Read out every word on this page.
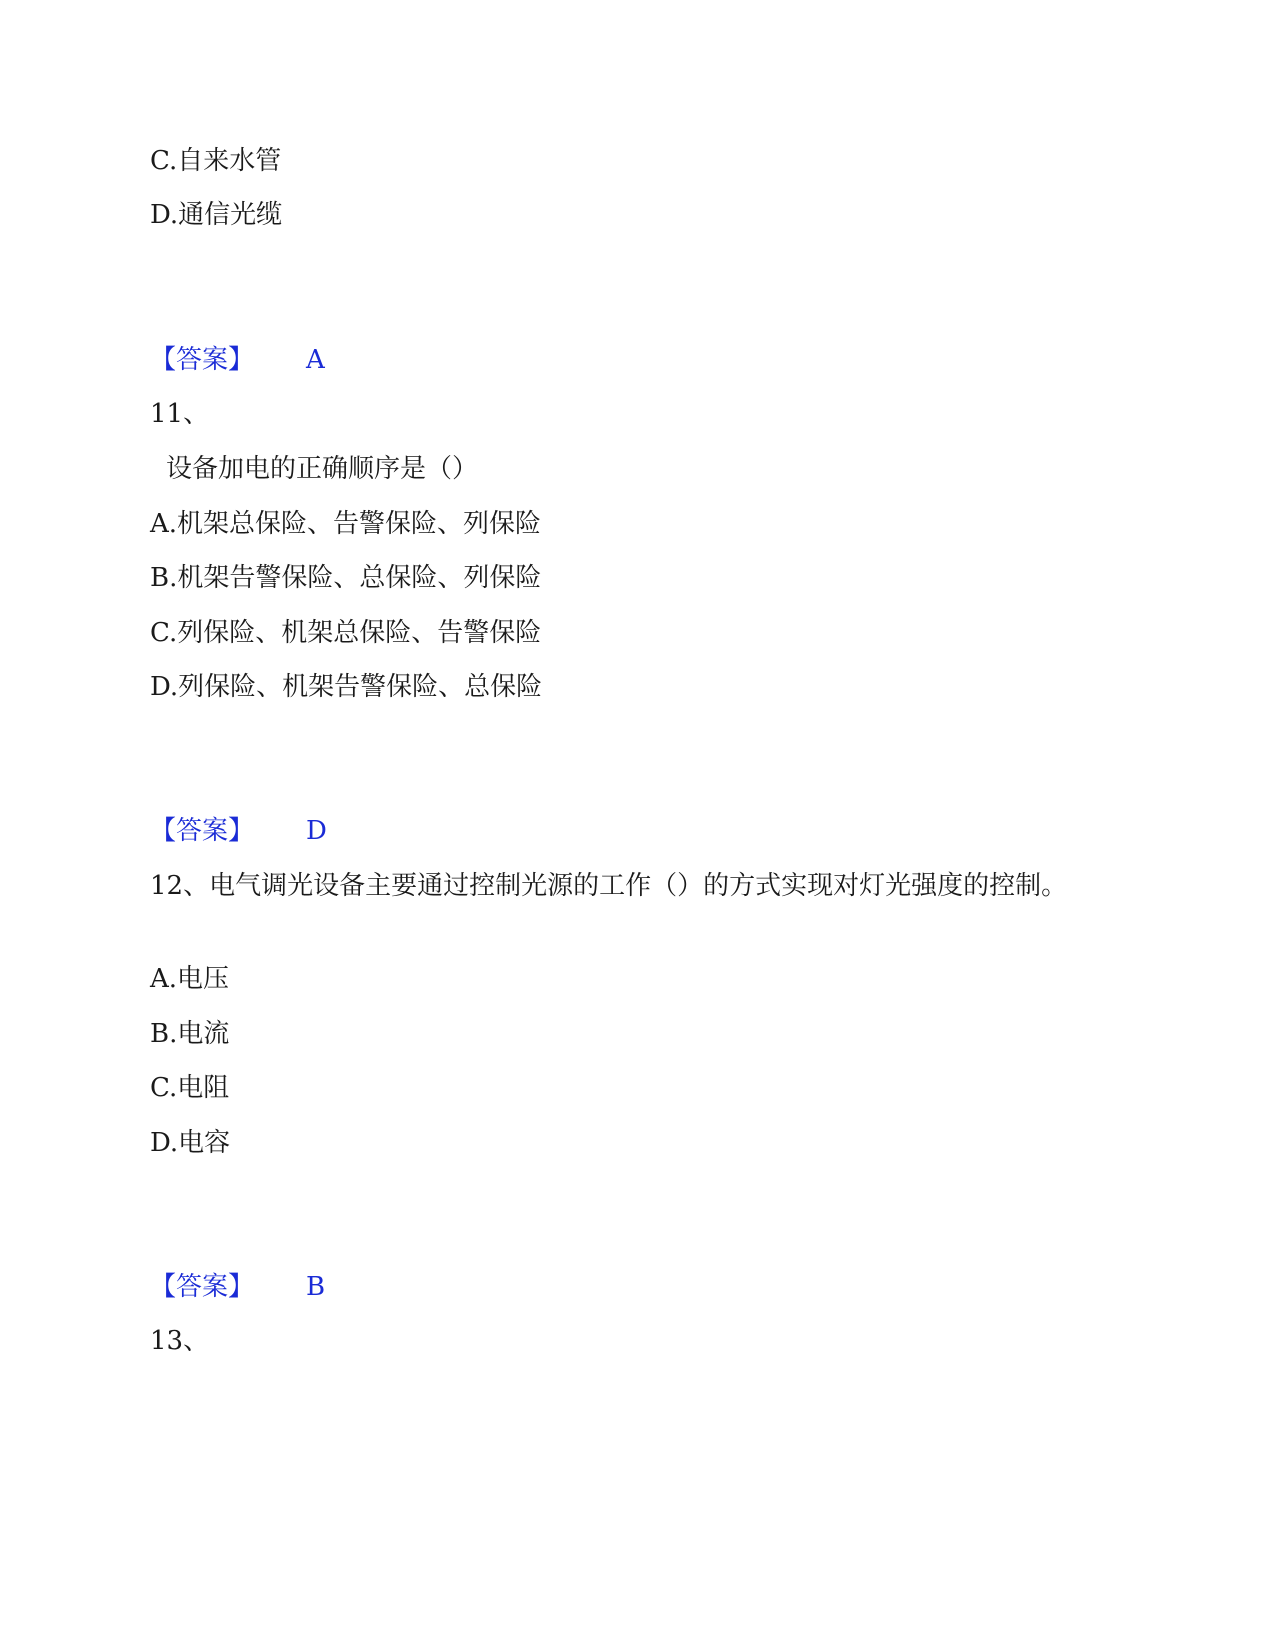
C.自来水管

D.通信光缆

【答案】 A

11、

设备加电的正确顺序是（）

A.机架总保险、告警保险、列保险

B.机架告警保险、总保险、列保险

C.列保险、机架总保险、告警保险

D.列保险、机架告警保险、总保险

【答案】 D

12、电气调光设备主要通过控制光源的工作（）的方式实现对灯光强度的控制。

A.电压

B.电流

C.电阻

D.电容

【答案】 B

13、
